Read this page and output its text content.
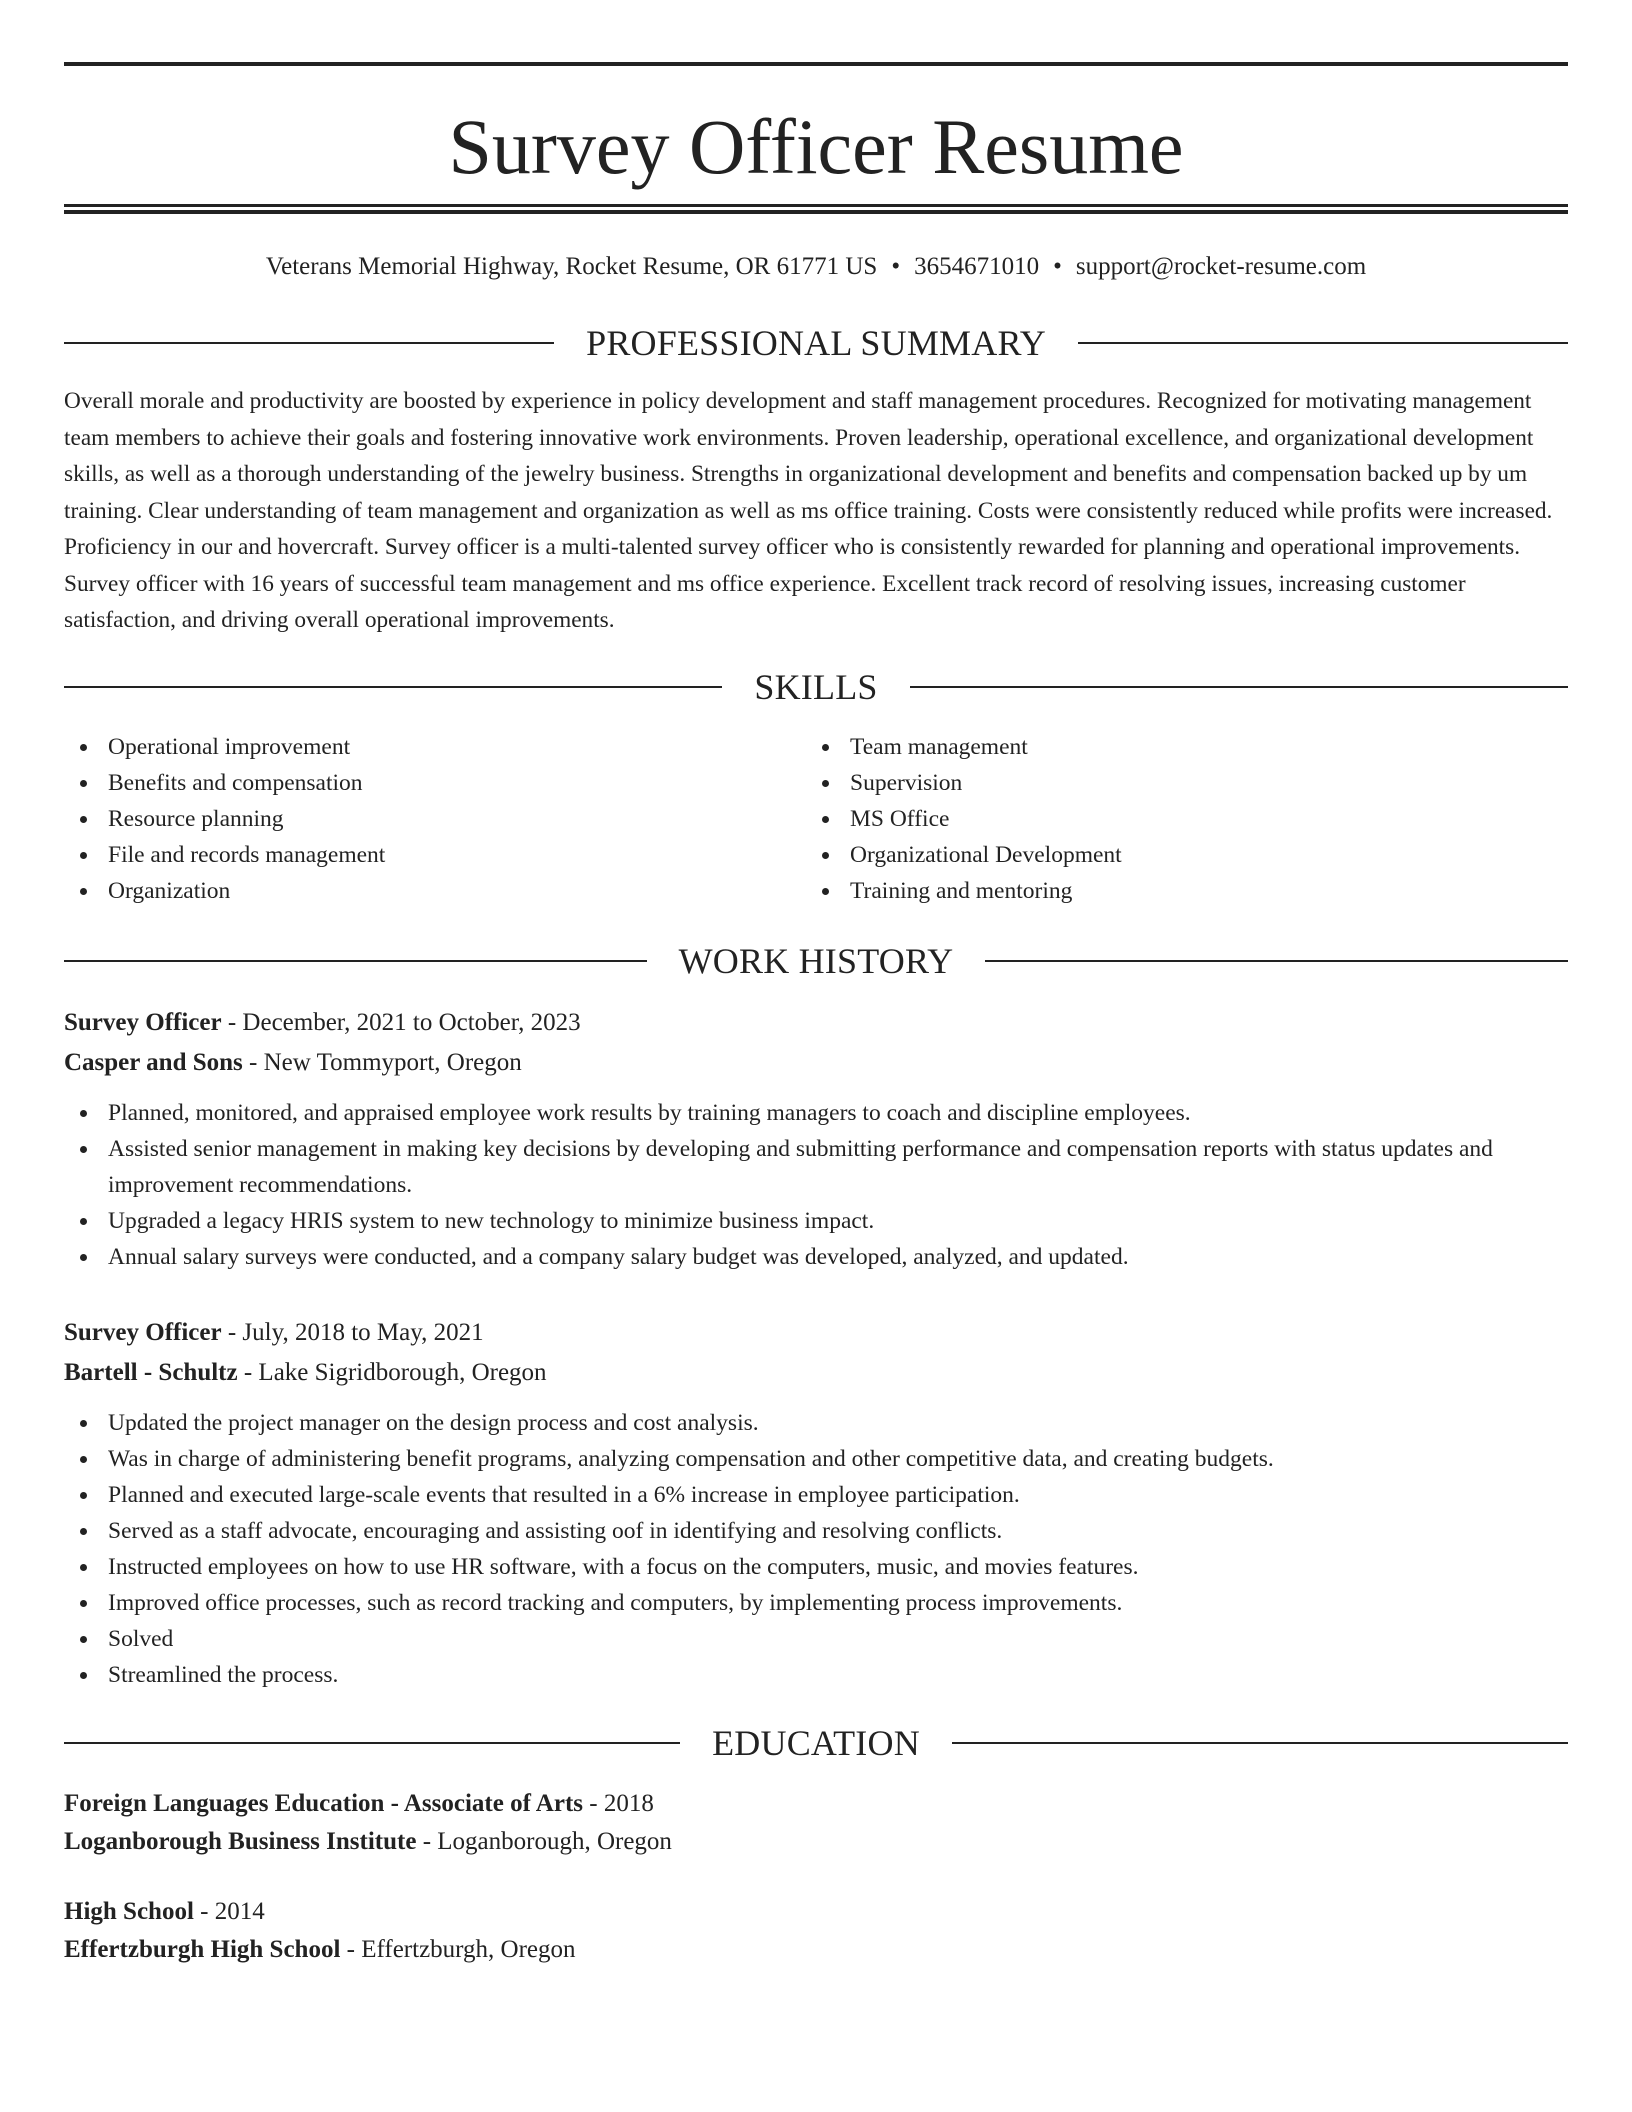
Survey Officer Resume
Veterans Memorial Highway, Rocket Resume, OR 61771 US • 3654671010 • support@rocket-resume.com
PROFESSIONAL SUMMARY
Overall morale and productivity are boosted by experience in policy development and staff management procedures. Recognized for motivating management team members to achieve their goals and fostering innovative work environments. Proven leadership, operational excellence, and organizational development skills, as well as a thorough understanding of the jewelry business. Strengths in organizational development and benefits and compensation backed up by um training. Clear understanding of team management and organization as well as ms office training. Costs were consistently reduced while profits were increased. Proficiency in our and hovercraft. Survey officer is a multi-talented survey officer who is consistently rewarded for planning and operational improvements. Survey officer with 16 years of successful team management and ms office experience. Excellent track record of resolving issues, increasing customer satisfaction, and driving overall operational improvements.
SKILLS
Operational improvement
Benefits and compensation
Resource planning
File and records management
Organization
Team management
Supervision
MS Office
Organizational Development
Training and mentoring
WORK HISTORY
Survey Officer - December, 2021 to October, 2023
Casper and Sons - New Tommyport, Oregon
Planned, monitored, and appraised employee work results by training managers to coach and discipline employees.
Assisted senior management in making key decisions by developing and submitting performance and compensation reports with status updates and improvement recommendations.
Upgraded a legacy HRIS system to new technology to minimize business impact.
Annual salary surveys were conducted, and a company salary budget was developed, analyzed, and updated.
Survey Officer - July, 2018 to May, 2021
Bartell - Schultz - Lake Sigridborough, Oregon
Updated the project manager on the design process and cost analysis.
Was in charge of administering benefit programs, analyzing compensation and other competitive data, and creating budgets.
Planned and executed large-scale events that resulted in a 6% increase in employee participation.
Served as a staff advocate, encouraging and assisting oof in identifying and resolving conflicts.
Instructed employees on how to use HR software, with a focus on the computers, music, and movies features.
Improved office processes, such as record tracking and computers, by implementing process improvements.
Solved
Streamlined the process.
EDUCATION
Foreign Languages Education - Associate of Arts - 2018
Loganborough Business Institute - Loganborough, Oregon
High School - 2014
Effertzburgh High School - Effertzburgh, Oregon
